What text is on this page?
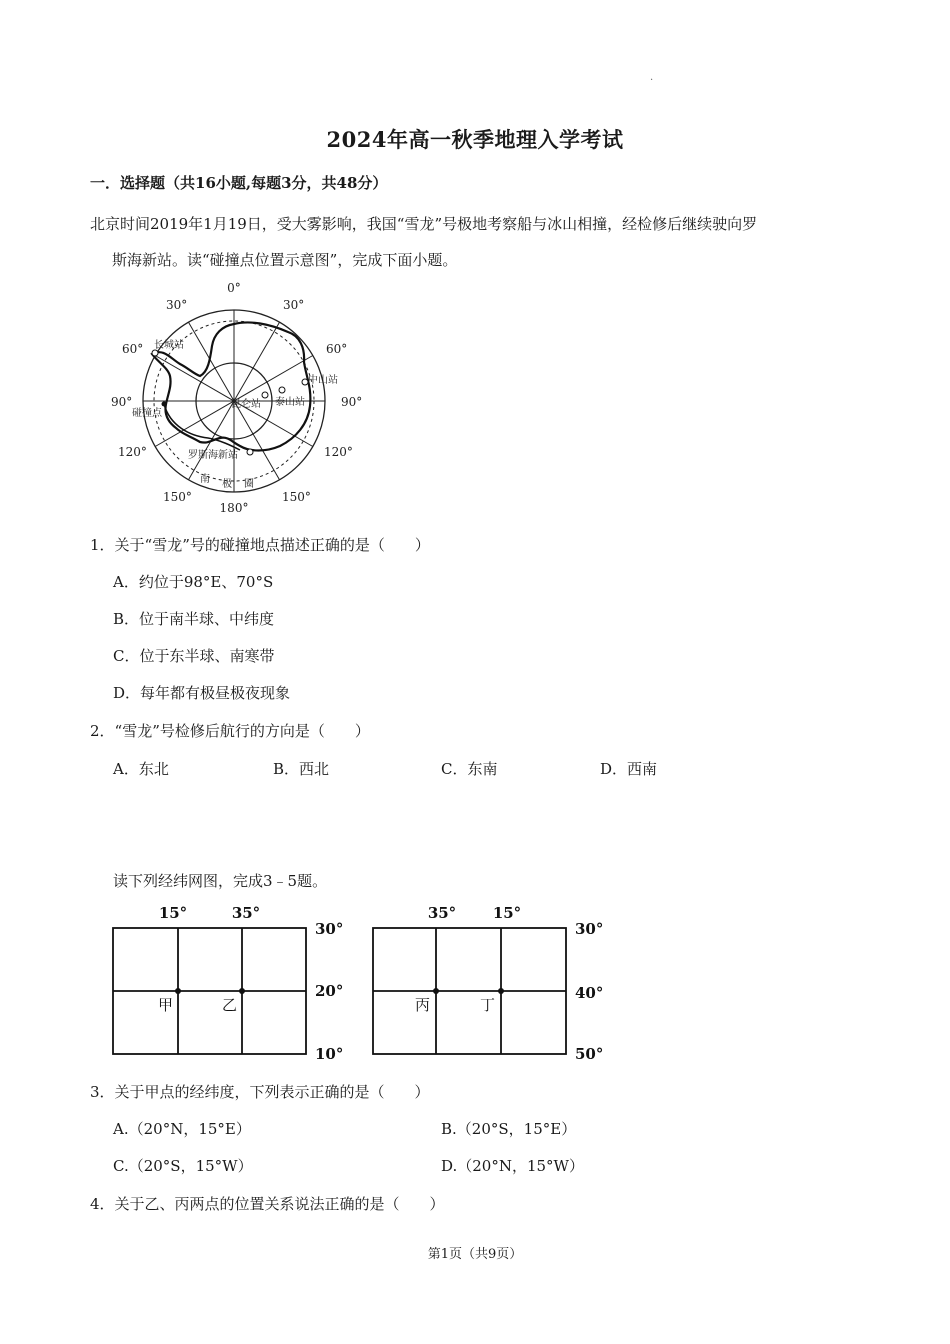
.
2024年高一秋季地理入学考试
一．选择题（共16小题,每题3分，共48分）
北京时间2019年1月19日，受大雾影响，我国“雪龙”号极地考察船与冰山相撞，经检修后继续驶向罗
斯海新站。读“碰撞点位置示意图”，完成下面小题。
0°
30°	30°
60°	60°
90°	90°
120°	120°
150°	150°
180°
长城站
中山站
昆仑站 泰山站
碰撞点
罗斯海新站
南 极 圈
1．关于“雪龙”号的碰撞地点描述正确的是（　　）
A．约位于98°E、70°S
B．位于南半球、中纬度
C．位于东半球、南寒带
D．每年都有极昼极夜现象
2．“雪龙”号检修后航行的方向是（　　）
A．东北	B．西北	C．东南	D．西南
读下列经纬网图，完成3﹣5题。
15°	35°
30°
20°
10°
甲	乙
35° 15°
30°
40°
50°
丙	丁
3．关于甲点的经纬度，下列表示正确的是（　　）
A.（20°N，15°E）	B.（20°S，15°E）
C.（20°S，15°W）	D.（20°N，15°W）
4．关于乙、丙两点的位置关系说法正确的是（　　）
第1页（共9页）
